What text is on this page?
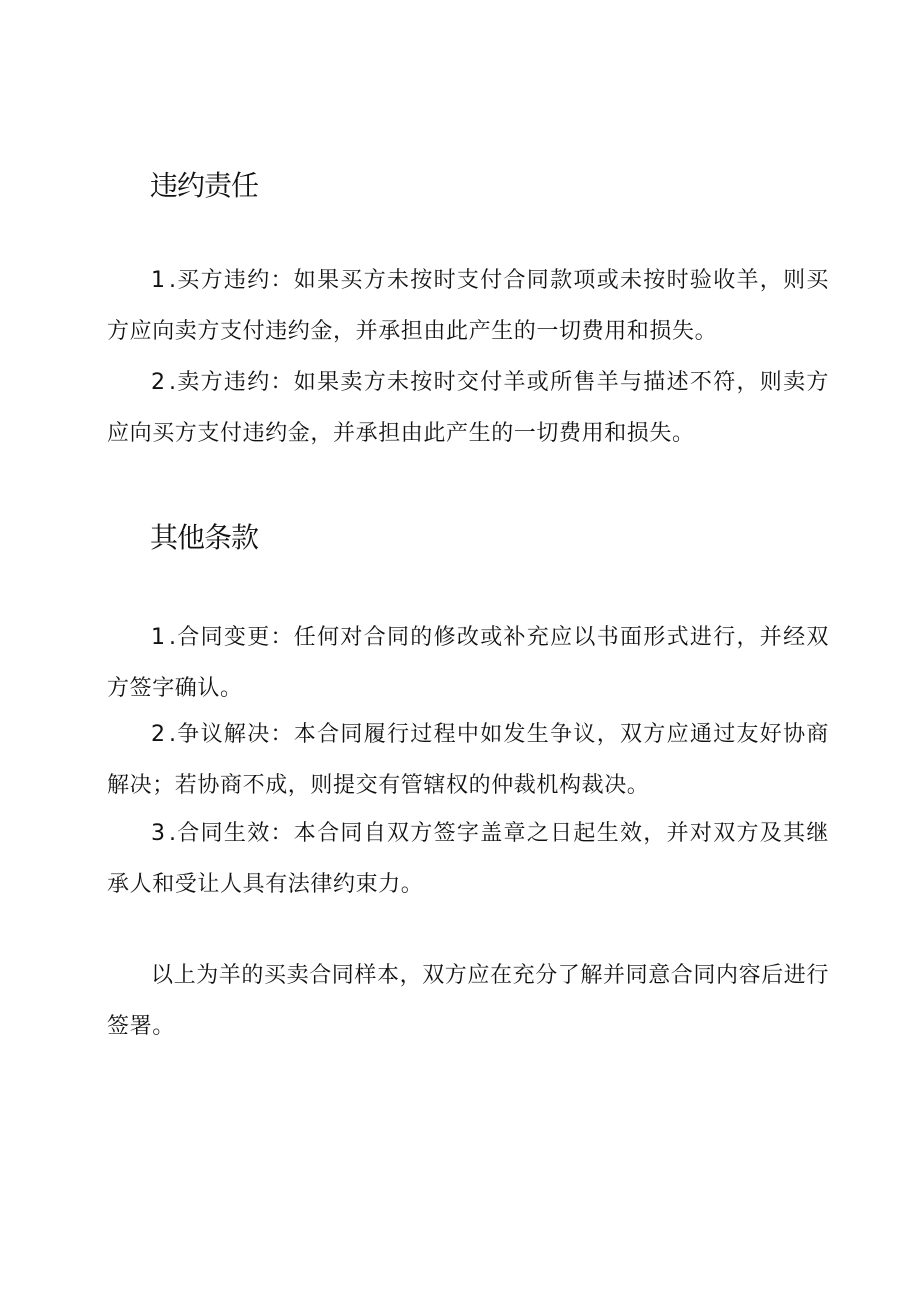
违约责任

1.买方违约：如果买方未按时支付合同款项或未按时验收羊，则买方应向卖方支付违约金，并承担由此产生的一切费用和损失。

2.卖方违约：如果卖方未按时交付羊或所售羊与描述不符，则卖方应向买方支付违约金，并承担由此产生的一切费用和损失。

其他条款

1.合同变更：任何对合同的修改或补充应以书面形式进行，并经双方签字确认。

2.争议解决：本合同履行过程中如发生争议，双方应通过友好协商解决；若协商不成，则提交有管辖权的仲裁机构裁决。

3.合同生效：本合同自双方签字盖章之日起生效，并对双方及其继承人和受让人具有法律约束力。

以上为羊的买卖合同样本，双方应在充分了解并同意合同内容后进行签署。
